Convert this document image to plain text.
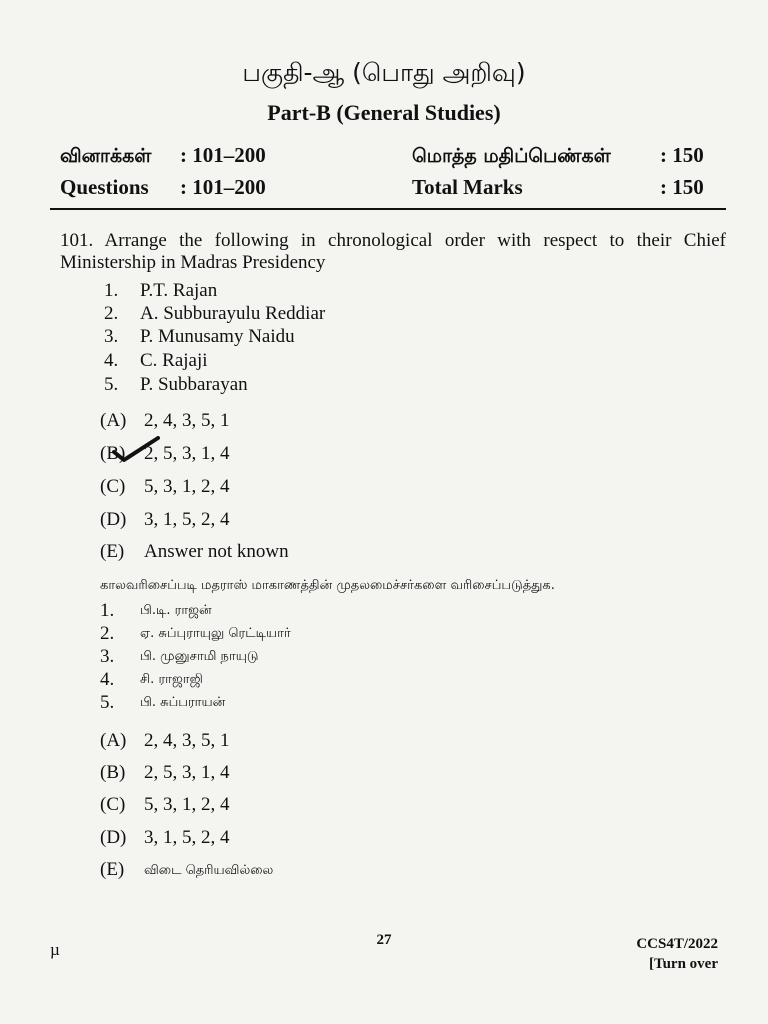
பகுதி-ஆ (பொது அறிவு)
Part-B (General Studies)
வினாக்கள் : 101–200	மொத்த மதிப்பெண்கள் : 150
Questions : 101–200	Total Marks	: 150
101. Arrange the following in chronological order with respect to their Chief Ministership in Madras Presidency
1. P.T. Rajan
2. A. Subburayulu Reddiar
3. P. Munusamy Naidu
4. C. Rajaji
5. P. Subbarayan
(A) 2, 4, 3, 5, 1
(B) 2, 5, 3, 1, 4
(C) 5, 3, 1, 2, 4
(D) 3, 1, 5, 2, 4
(E) Answer not known
காலவரிசைப்படி மதராஸ் மாகாணத்தின் முதலமைச்சர்களை வரிசைப்படுத்துக.
1. பி.டி. ராஜன்
2. ஏ. சுப்புராயுலு ரெட்டியார்
3. பி. முனுசாமி நாயுடு
4. சி. ராஜாஜி
5. பி. சுப்பராயன்
(A) 2, 4, 3, 5, 1
(B) 2, 5, 3, 1, 4
(C) 5, 3, 1, 2, 4
(D) 3, 1, 5, 2, 4
(E) விடை தெரியவில்லை
µ	27	CCS4T/2022
[Turn over
